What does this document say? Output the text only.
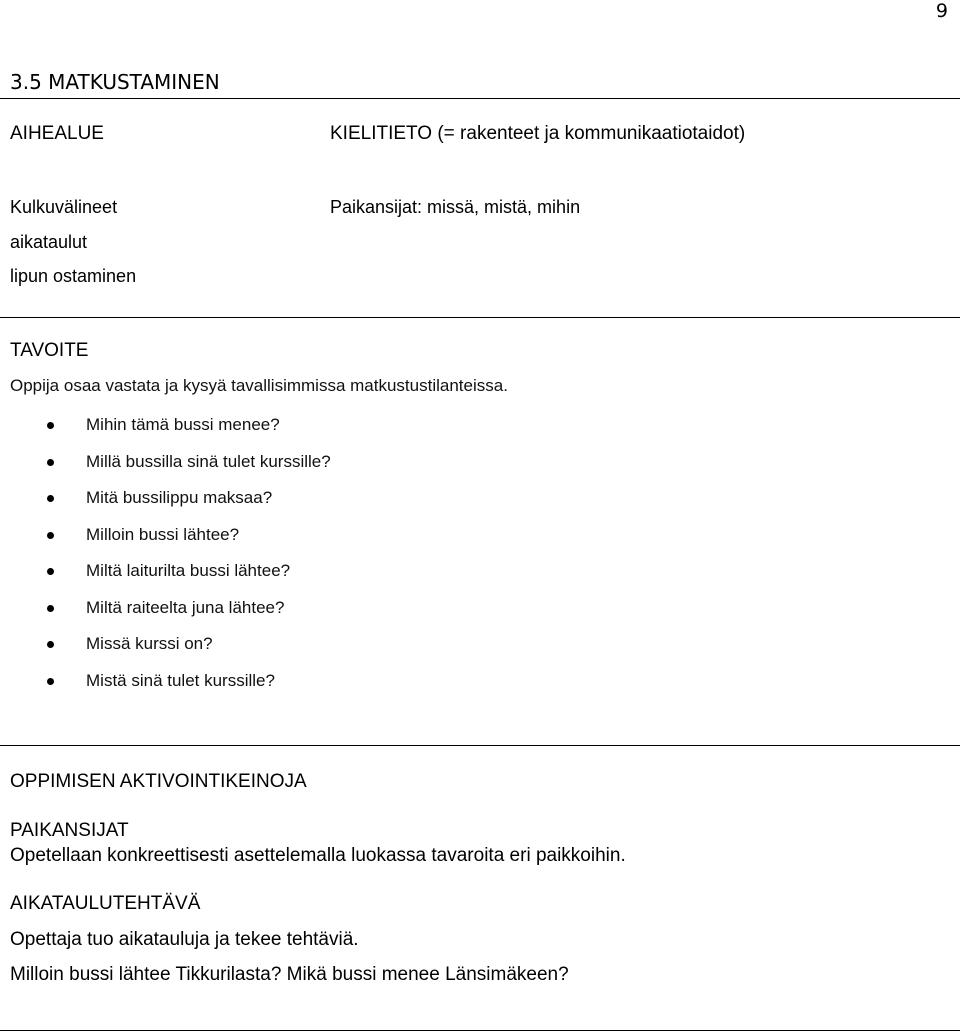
9
3.5 MATKUSTAMINEN
AIHEALUE	KIELITIETO (= rakenteet ja kommunikaatiotaidot)
Kulkuvälineet
aikataulut
lipun ostaminen
Paikansijat: missä, mistä, mihin
TAVOITE
Oppija osaa vastata ja kysyä tavallisimmissa matkustustilanteissa.
Mihin tämä bussi menee?
Millä bussilla sinä tulet kurssille?
Mitä bussilippu maksaa?
Milloin bussi lähtee?
Miltä laiturilta bussi lähtee?
Miltä raiteelta juna lähtee?
Missä kurssi on?
Mistä sinä tulet kurssille?
OPPIMISEN AKTIVOINTIKEINOJA
PAIKANSIJAT
Opetellaan konkreettisesti asettelemalla luokassa tavaroita eri paikkoihin.
AIKATAULUTEHTÄVÄ
Opettaja tuo aikatauluja ja tekee tehtäviä.
Milloin bussi lähtee Tikkurilasta? Mikä bussi menee Länsimäkeen?
